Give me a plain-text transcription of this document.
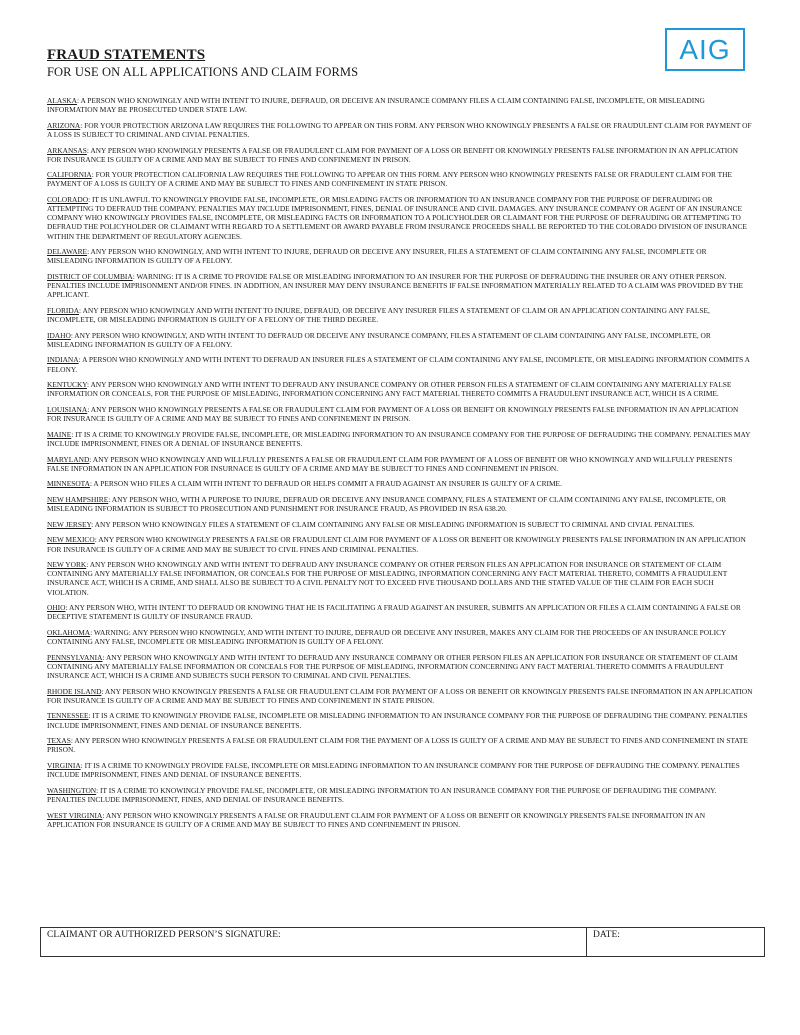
FRAUD STATEMENTS
FOR USE ON ALL APPLICATIONS AND CLAIM FORMS
AIG

ALASKA: A PERSON WHO KNOWINGLY AND WITH INTENT TO INJURE, DEFRAUD, OR DECEIVE AN INSURANCE COMPANY FILES A CLAIM CONTAINING FALSE, INCOMPLETE, OR MISLEADING INFORMATION MAY BE PROSECUTED UNDER STATE LAW.

ARIZONA: FOR YOUR PROTECTION ARIZONA LAW REQUIRES THE FOLLOWING TO APPEAR ON THIS FORM. ANY PERSON WHO KNOWINGLY PRESENTS A FALSE OR FRAUDULENT CLAIM FOR PAYMENT OF A LOSS IS SUBJECT TO CRIMINAL AND CIVIAL PENALTIES.

ARKANSAS: ANY PERSON WHO KNOWINGLY PRESENTS A FALSE OR FRAUDULENT CLAIM FOR PAYMENT OF A LOSS OR BENEFIT OR KNOWINGLY PRESENTS FALSE INFORMATION IN AN APPLICATION FOR INSURANCE IS GUILTY OF A CRIME AND MAY BE SUBJECT TO FINES AND CONFINEMENT IN PRISON.

CALIFORNIA: FOR YOUR PROTECTION CALIFORNIA LAW REQUIRES THE FOLLOWING TO APPEAR ON THIS FORM. ANY PERSON WHO KNOWINGLY PRESENTS FALSE OR FRADULENT CLAIM FOR THE PAYMENT OF A LOSS IS GUILTY OF A CRIME AND MAY BE SUBJECT TO FINES AND CONFINEMENT IN STATE PRISON.

COLORADO: IT IS UNLAWFUL TO KNOWINGLY PROVIDE FALSE, INCOMPLETE, OR MISLEADING FACTS OR INFORMATION TO AN INSURANCE COMPANY FOR THE PURPOSE OF DEFRAUDING OR ATTEMPTING TO DEFRAUD THE COMPANY. PENALTIES MAY INCLUDE IMPRISONMENT, FINES, DENIAL OF INSURANCE AND CIVIL DAMAGES. ANY INSURANCE COMPANY OR AGENT OF AN INSURANCE COMPANY WHO KNOWINGLY PROVIDES FALSE, INCOMPLETE, OR MISLEADING FACTS OR INFORMATION TO A POLICYHOLDER OR CLAIMANT FOR THE PURPOSE OF DEFRAUDING OR ATTEMPTING TO DEFRAUD THE POLICYHOLDER OR CLAIMANT WITH REGARD TO A SETTLEMENT OR AWARD PAYABLE FROM INSURANCE PROCEEDS SHALL BE REPORTED TO THE COLORADO DIVISION OF INSURANCE WITHIN THE DEPARTMENT OF REGULATORY AGENCIES.

DELAWARE: ANY PERSON WHO KNOWINGLY, AND WITH INTENT TO INJURE, DEFRAUD OR DECEIVE ANY INSURER, FILES A STATEMENT OF CLAIM CONTAINING ANY FALSE, INCOMPLETE OR MISLEADING INFORMATION IS GUILTY OF A FELONY.

DISTRICT OF COLUMBIA: WARNING: IT IS A CRIME TO PROVIDE FALSE OR MISLEADING INFORMATION TO AN INSURER FOR THE PURPOSE OF DEFRAUDING THE INSURER OR ANY OTHER PERSON. PENALTIES INCLUDE IMPRISONMENT AND/OR FINES. IN ADDITION, AN INSURER MAY DENY INSURANCE BENEFITS IF FALSE INFORMATION MATERIALLY RELATED TO A CLAIM WAS PROVIDED BY THE APPLICANT.

FLORIDA: ANY PERSON WHO KNOWINGLY AND WITH INTENT TO INJURE, DEFRAUD, OR DECEIVE ANY INSURER FILES A STATEMENT OF CLAIM OR AN APPLICATION CONTAINING ANY FALSE, INCOMPLETE, OR MISLEADING INFORMATION IS GUILTY OF A FELONY OF THE THIRD DEGREE.

IDAHO: ANY PERSON WHO KNOWINGLY, AND WITH INTENT TO DEFRAUD OR DECEIVE ANY INSURANCE COMPANY, FILES A STATEMENT OF CLAIM CONTAINING ANY FALSE, INCOMPLETE, OR MISLEADING INFORMATION IS GUILTY OF A FELONY.

INDIANA: A PERSON WHO KNOWINGLY AND WITH INTENT TO DEFRAUD AN INSURER FILES A STATEMENT OF CLAIM CONTAINING ANY FALSE, INCOMPLETE, OR MISLEADING INFORMATION COMMITS A FELONY.

KENTUCKY: ANY PERSON WHO KNOWINGLY AND WITH INTENT TO DEFRAUD ANY INSURANCE COMPANY OR OTHER PERSON FILES A STATEMENT OF CLAIM CONTAINING ANY MATERIALLY FALSE INFORMATION OR CONCEALS, FOR THE PURPOSE OF MISLEADING, INFORMATION CONCERNING ANY FACT MATERIAL THERETO COMMITS A FRAUDULENT INSURANCE ACT, WHICH IS A CRIME.

LOUISIANA: ANY PERSON WHO KNOWINGLY PRESENTS A FALSE OR FRAUDULENT CLAIM FOR PAYMENT OF A LOSS OR BENEIFT OR KNOWINGLY PRESENTS FALSE INFORMATION IN AN APPLICATION FOR INSURANCE IS GUILTY OF A CRIME AND MAY BE SUBJECT TO FINES AND CONFINEMENT IN PRISON.

MAINE: IT IS A CRIME TO KNOWINGLY PROVIDE FALSE, INCOMPLETE, OR MISLEADING INFORMATION TO AN INSURANCE COMPANY FOR THE PURPOSE OF DEFRAUDING THE COMPANY. PENALTIES MAY INCLUDE IMPRISONMENT, FINES OR A DENIAL OF INSURANCE BENEFITS.

MARYLAND: ANY PERSON WHO KNOWINGLY AND WILLFULLY PRESENTS A FALSE OR FRAUDULENT CLAIM FOR PAYMENT OF A LOSS OF BENEFIT OR WHO KNOWINGLY AND WILLFULLY PRESENTS FALSE INFORMATION IN AN APPLICATION FOR INSURNACE IS GUILTY OF A CRIME AND MAY BE SUBJECT TO FINES AND CONFINEMENT IN PRISON.

MINNESOTA: A PERSON WHO FILES A CLAIM WITH INTENT TO DEFRAUD OR HELPS COMMIT A FRAUD AGAINST AN INSURER IS GUILTY OF A CRIME.

NEW HAMPSHIRE: ANY PERSON WHO, WITH A PURPOSE TO INJURE, DEFRAUD OR DECEIVE ANY INSURANCE COMPANY, FILES A STATEMENT OF CLAIM CONTAINING ANY FALSE, INCOMPLETE, OR MISLEADING INFORMATION IS SUBJECT TO PROSECUTION AND PUNISHMENT FOR INSURANCE FRAUD, AS PROVIDED IN RSA 638.20.

NEW JERSEY: ANY PERSON WHO KNOWINGLY FILES A STATEMENT OF CLAIM CONTAINING ANY FALSE OR MISLEADING INFORMATION IS SUBJECT TO CRIMINAL AND CIVIAL PENALTIES.

NEW MEXICO: ANY PERSON WHO KNOWINGLY PRESENTS A FALSE OR FRAUDULENT CLAIM FOR PAYMENT OF A LOSS OR BENEFIT OR KNOWINGLY PRESENTS FALSE INFORMATION IN AN APPLICATION FOR INSURANCE IS GUILTY OF A CRIME AND MAY BE SUBJECT TO CIVIL FINES AND CRIMINAL PENALTIES.

NEW YORK: ANY PERSON WHO KNOWINGLY AND WITH INTENT TO DEFRAUD ANY INSURANCE COMPANY OR OTHER PERSON FILES AN APPLICATION FOR INSURANCE OR STATEMENT OF CLAIM CONTAINING ANY MATERIALLY FALSE INFORMATION, OR CONCEALS FOR THE PURPOSE OF MISLEADING, INFORMATION CONCERNING ANY FACT MATERIAL THERETO, COMMITS A FRAUDULENT INSURANCE ACT, WHICH IS A CRIME, AND SHALL ALSO BE SUBJECT TO A CIVIL PENALTY NOT TO EXCEED FIVE THOUSAND DOLLARS AND THE STATED VALUE OF THE CLAIM FOR EACH SUCH VIOLATION.

OHIO: ANY PERSON WHO, WITH INTENT TO DEFRAUD OR KNOWING THAT HE IS FACILITATING A FRAUD AGAINST AN INSURER, SUBMITS AN APPLICATION OR FILES A CLAIM CONTAINING A FALSE OR DECEPTIVE STATEMENT IS GUILTY OF INSURANCE FRAUD.

OKLAHOMA: WARNING: ANY PERSON WHO KNOWINGLY, AND WITH INTENT TO INJURE, DEFRAUD OR DECEIVE ANY INSURER, MAKES ANY CLAIM FOR THE PROCEEDS OF AN INSURANCE POLICY CONTAINING ANY FALSE, INCOMPLETE OR MISLEADING INFORMATION IS GUILTY OF A FELONY.

PENNSYLVANIA: ANY PERSON WHO KNOWINGLY AND WITH INTENT TO DEFRAUD ANY INSURANCE COMPANY OR OTHER PERSON FILES AN APPLICATION FOR INSURANCE OR STATEMENT OF CLAIM CONTAINING ANY MATERIALLY FALSE INFORMATION OR CONCEALS FOR THE PURPSOE OF MISLEADING, INFORMATION CONCERNING ANY FACT MATERIAL THERETO COMMITS A FRAUDULENT INSURANCE ACT, WHICH IS A CRIME AND SUBJECTS SUCH PERSON TO CRIMINAL AND CIVIL PENALTIES.

RHODE ISLAND: ANY PERSON WHO KNOWINGLY PRESENTS A FALSE OR FRAUDULENT CLAIM FOR PAYMENT OF A LOSS OR BENEFIT OR KNOWINGLY PRESENTS FALSE INFORMATION IN AN APPLICATION FOR INSURANCE IS GUILTY OF A CRIME AND MAY BE SUBJECT TO FINES AND CONFINEMENT IN STATE PRISON.

TENNESSEE: IT IS A CRIME TO KNOWINGLY PROVIDE FALSE, INCOMPLETE OR MISLEADING INFORMATION TO AN INSURANCE COMPANY FOR THE PURPOSE OF DEFRAUDING THE COMPANY. PENALTIES INCLUDE IMPRISONMENT, FINES AND DENIAL OF INSURANCE BENEFITS.

TEXAS: ANY PERSON WHO KNOWINGLY PRESENTS A FALSE OR FRAUDULENT CLAIM FOR THE PAYMENT OF A LOSS IS GUILTY OF A CRIME AND MAY BE SUBJECT TO FINES AND CONFINEMENT IN STATE PRISON.

VIRGINIA: IT IS A CRIME TO KNOWINGLY PROVIDE FALSE, INCOMPLETE OR MISLEADING INFORMATION TO AN INSURANCE COMPANY FOR THE PURPOSE OF DEFRAUDING THE COMPANY. PENALTIES INCLUDE IMPRISONMENT, FINES AND DENIAL OF INSURANCE BENEFITS.

WASHINGTON: IT IS A CRIME TO KNOWINGLY PROVIDE FALSE, INCOMPLETE, OR MISLEADING INFORMATION TO AN INSURANCE COMPANY FOR THE PURPOSE OF DEFRAUDING THE COMPANY. PENALTIES INCLUDE IMPRISONMENT, FINES, AND DENIAL OF INSURANCE BENEFITS.

WEST VIRGINIA: ANY PERSON WHO KNOWINGLY PRESENTS A FALSE OR FRAUDULENT CLAIM FOR PAYMENT OF A LOSS OR BENEFIT OR KNOWINGLY PRESENTS FALSE INFORMAITON IN AN APPLICATION FOR INSURANCE IS GUILTY OF A CRIME AND MAY BE SUBJECT TO FINES AND CONFINEMENT IN PRISON.

CLAIMANT OR AUTHORIZED PERSON’S SIGNATURE:	DATE:
